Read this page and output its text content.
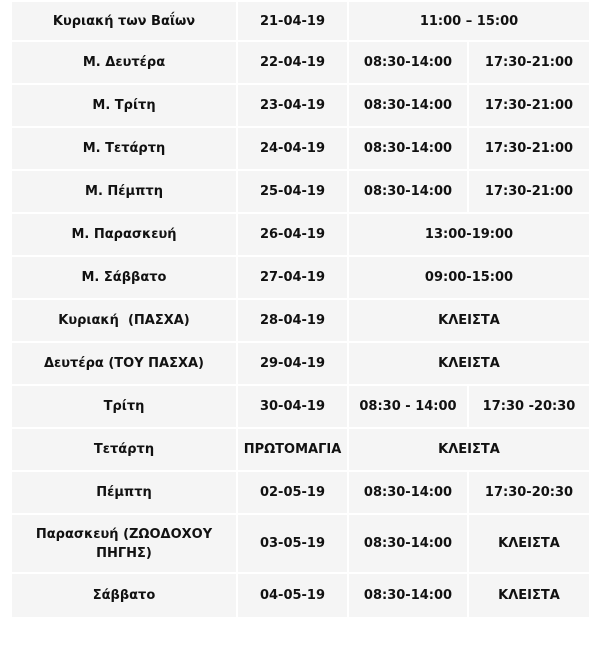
Κυριακή των Βαΐων	21-04-19	11:00 – 15:00	
Μ. Δευτέρα	22-04-19	08:30-14:00	17:30-21:00
Μ. Τρίτη	23-04-19	08:30-14:00	17:30-21:00
Μ. Τετάρτη	24-04-19	08:30-14:00	17:30-21:00
Μ. Πέμπτη	25-04-19	08:30-14:00	17:30-21:00
Μ. Παρασκευή	26-04-19	13:00-19:00	
Μ. Σάββατο	27-04-19	09:00-15:00	
Κυριακή  (ΠΑΣΧΑ)	28-04-19	ΚΛΕΙΣΤΑ	
Δευτέρα (ΤΟΥ ΠΑΣΧΑ)	29-04-19	ΚΛΕΙΣΤΑ	
Τρίτη	30-04-19	08:30 - 14:00	17:30 -20:30
Τετάρτη	ΠΡΩΤΟΜΑΓΙΑ	ΚΛΕΙΣΤΑ	
Πέμπτη	02-05-19	08:30-14:00	17:30-20:30
Παρασκευή (ΖΩΟΔΟΧΟΥ ΠΗΓΗΣ)	03-05-19	08:30-14:00	ΚΛΕΙΣΤΑ
Σάββατο	04-05-19	08:30-14:00	ΚΛΕΙΣΤΑ
